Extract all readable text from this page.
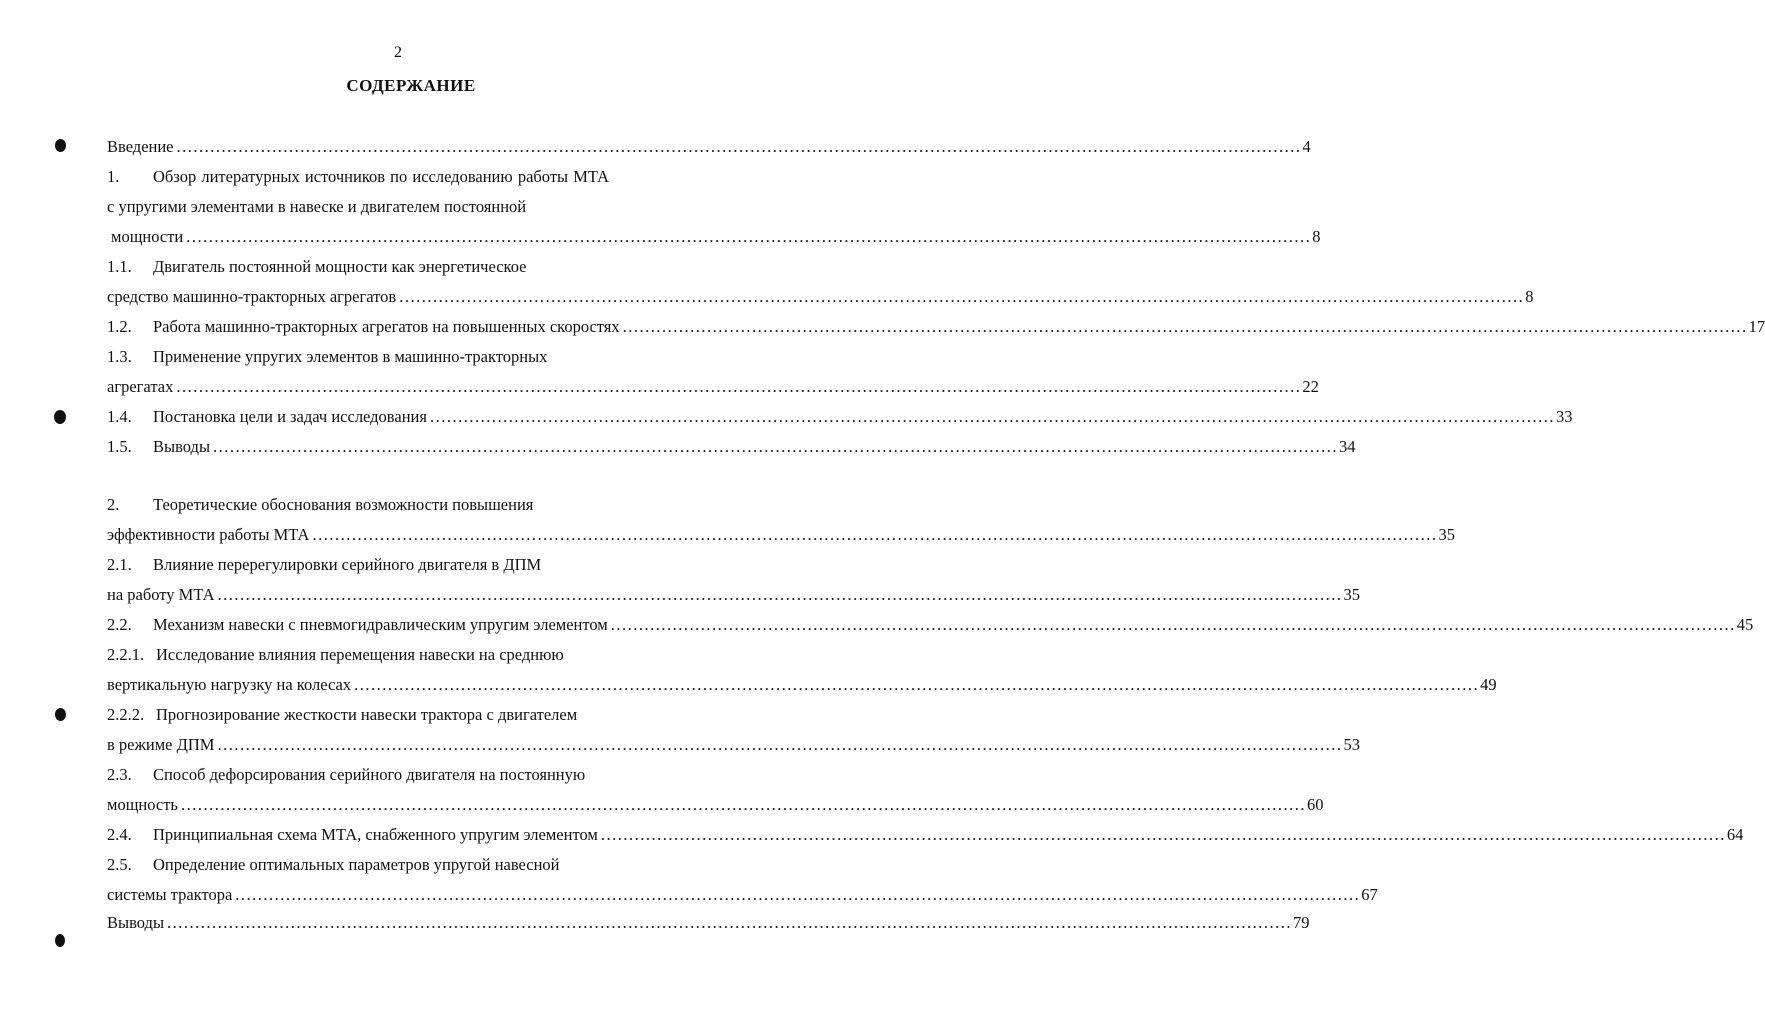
2
СОДЕРЖАНИЕ
Введение ........................................................................................................................................................................................................ 4
1.	Обзор литературных источников по исследованию работы МТА
с упругими элементами в навеске и двигателем постоянной
мощности ........................................................................................................................................................................................................ 8
1.1.	Двигатель постоянной мощности как энергетическое
средство машинно-тракторных агрегатов ........................................................................................................................................................................................................ 8
1.2.	Работа машинно-тракторных агрегатов на повышенных скоростях ........................................................................................................................................................................................................ 17
1.3.	Применение упругих элементов в машинно-тракторных
агрегатах ........................................................................................................................................................................................................ 22
1.4.	Постановка цели и задач исследования ........................................................................................................................................................................................................ 33
1.5.	Выводы ........................................................................................................................................................................................................ 34
2.	Теоретические обоснования возможности повышения
эффективности работы МТА ........................................................................................................................................................................................................ 35
2.1.	Влияние перерегулировки серийного двигателя в ДПМ
на работу МТА ........................................................................................................................................................................................................ 35
2.2.	Механизм навески с пневмогидравлическим упругим элементом ........................................................................................................................................................................................................ 45
2.2.1. Исследование влияния перемещения навески на среднюю
вертикальную нагрузку на колесах ........................................................................................................................................................................................................ 49
2.2.2. Прогнозирование жесткости навески трактора с двигателем
в режиме ДПМ ........................................................................................................................................................................................................ 53
2.3.	Способ дефорсирования серийного двигателя на постоянную
мощность ........................................................................................................................................................................................................ 60
2.4.	Принципиальная схема МТА, снабженного упругим элементом ........................................................................................................................................................................................................ 64
2.5.	Определение оптимальных параметров упругой навесной
системы трактора ........................................................................................................................................................................................................ 67
Выводы ........................................................................................................................................................................................................ 79
